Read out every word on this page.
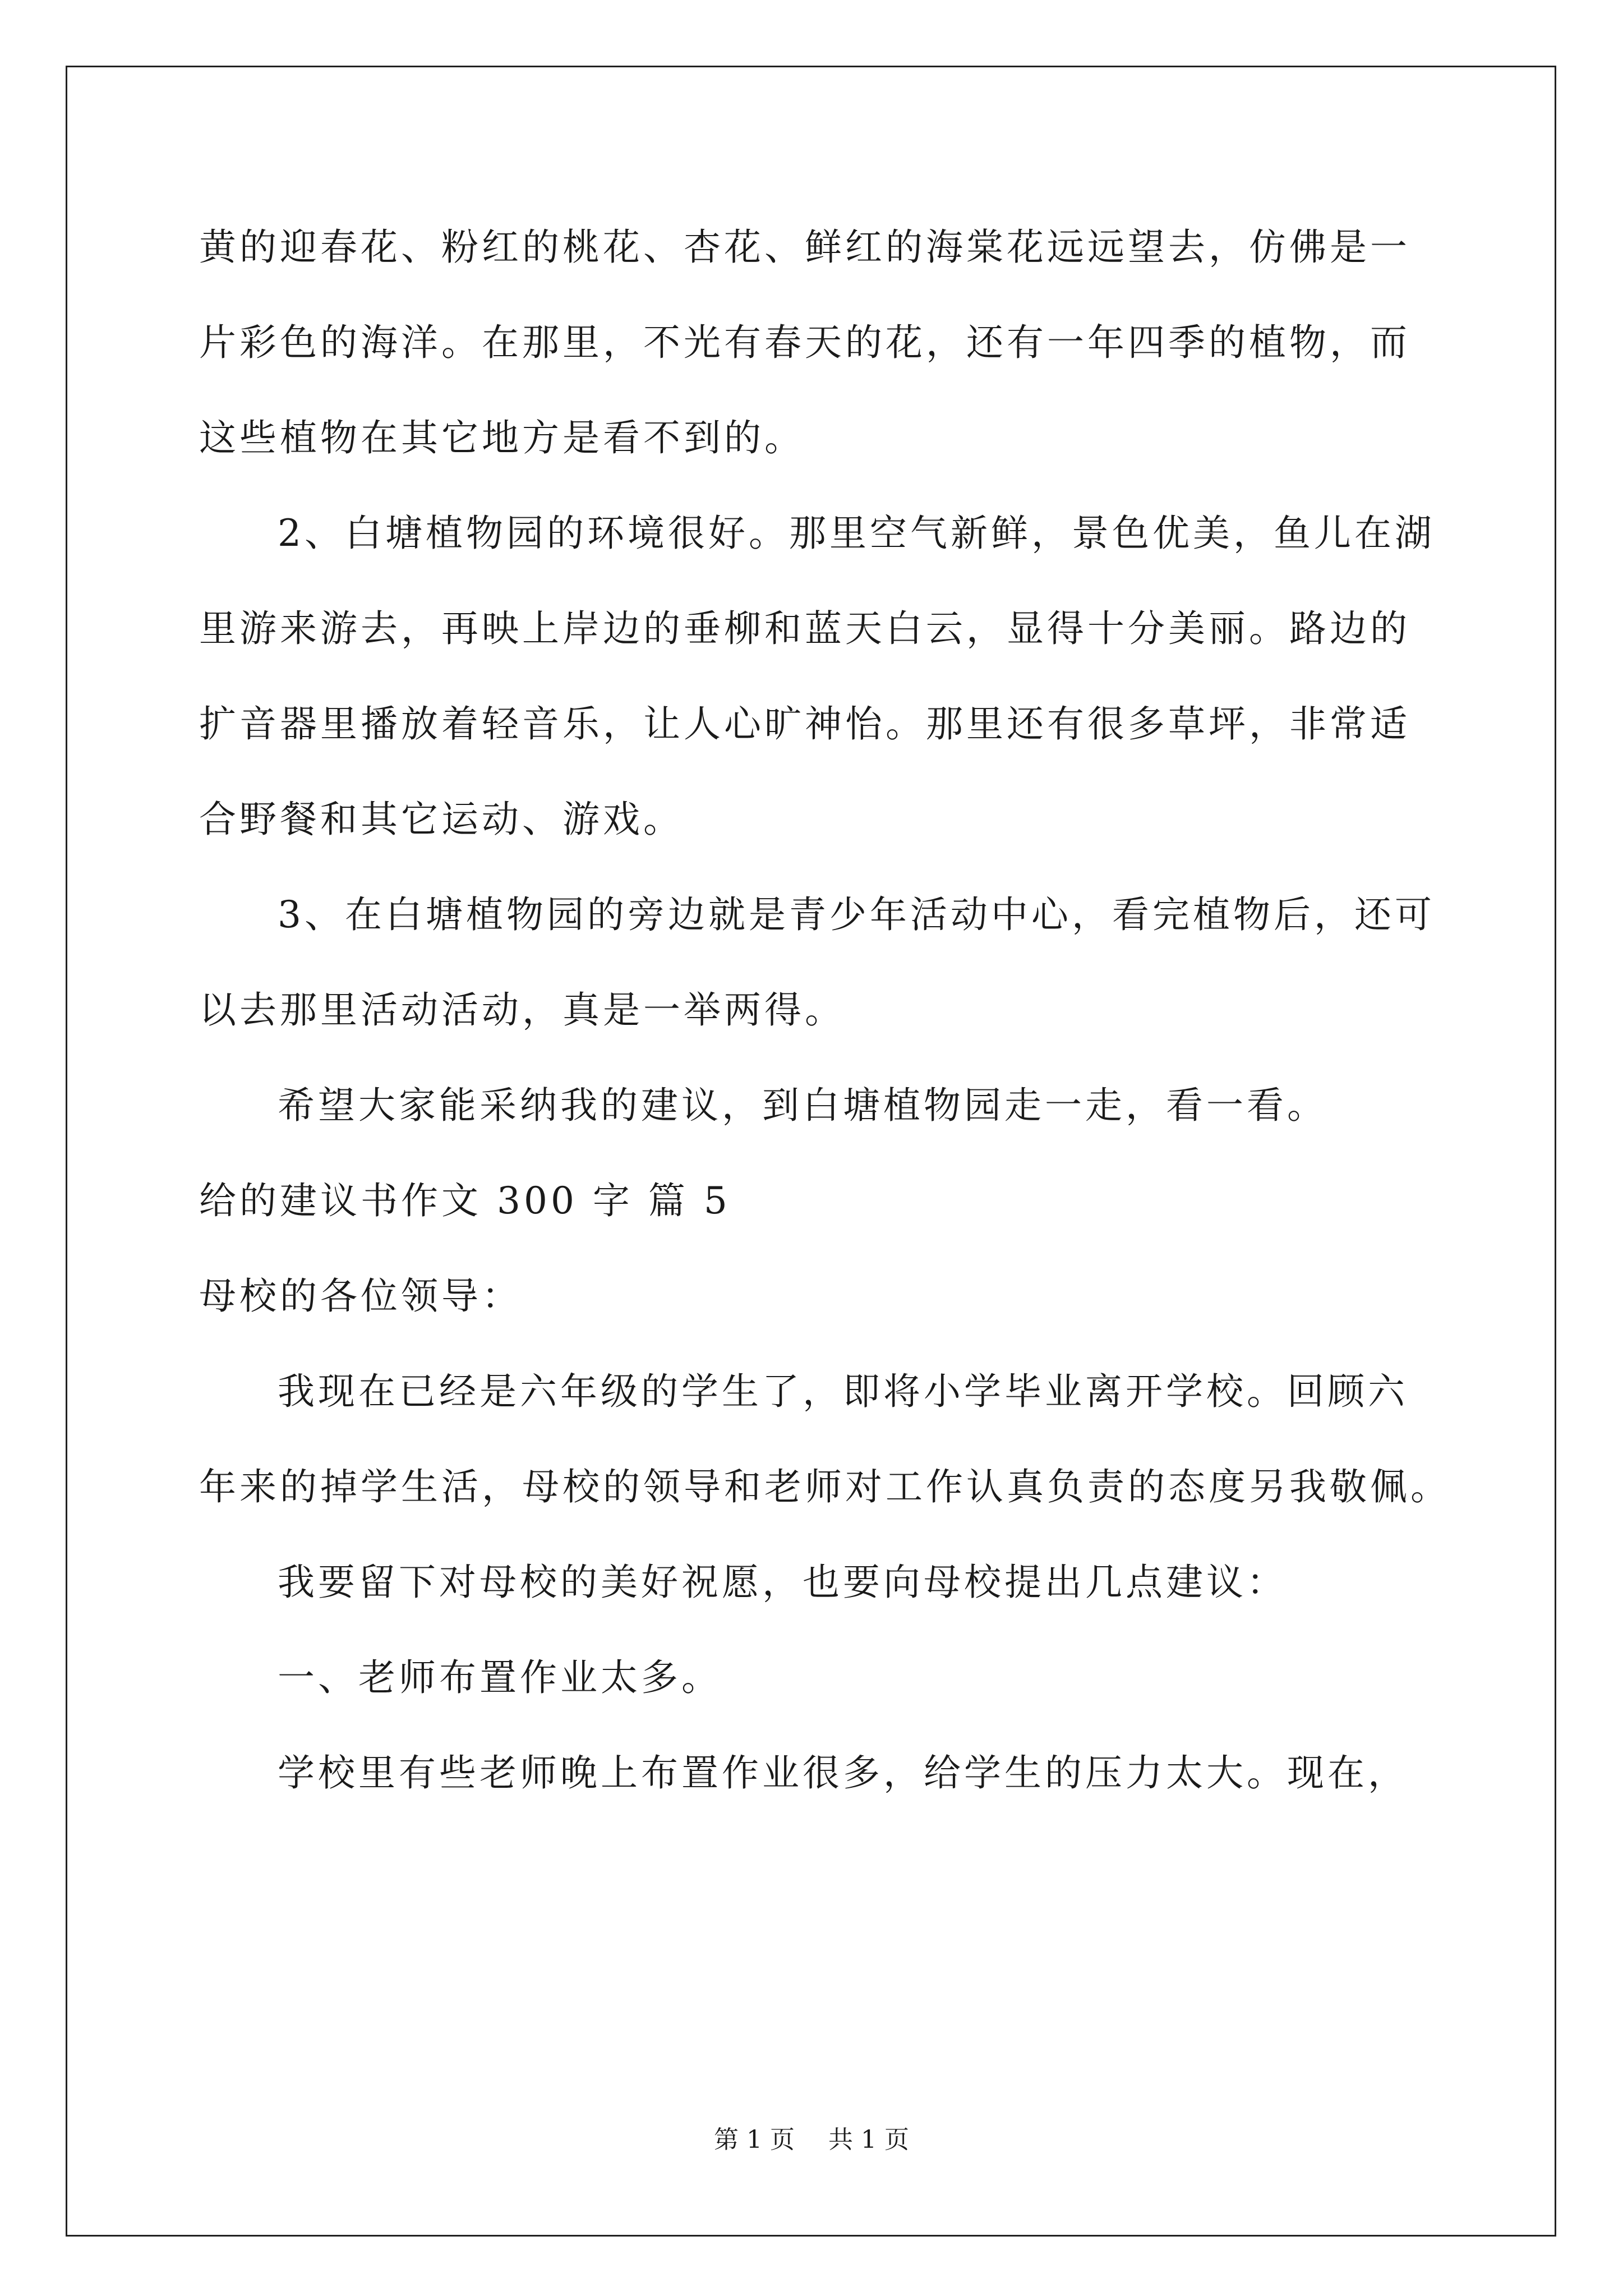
黄的迎春花、粉红的桃花、杏花、鲜红的海棠花远远望去，仿佛是一
片彩色的海洋。在那里，不光有春天的花，还有一年四季的植物，而
这些植物在其它地方是看不到的。
2、白塘植物园的环境很好。那里空气新鲜，景色优美，鱼儿在湖
里游来游去，再映上岸边的垂柳和蓝天白云，显得十分美丽。路边的
扩音器里播放着轻音乐，让人心旷神怡。那里还有很多草坪，非常适
合野餐和其它运动、游戏。
3、在白塘植物园的旁边就是青少年活动中心，看完植物后，还可
以去那里活动活动，真是一举两得。
希望大家能采纳我的建议，到白塘植物园走一走，看一看。
给的建议书作文 300 字 篇 5
母校的各位领导：
我现在已经是六年级的学生了，即将小学毕业离开学校。回顾六
年来的掉学生活，母校的领导和老师对工作认真负责的态度另我敬佩。
我要留下对母校的美好祝愿，也要向母校提出几点建议：
一、老师布置作业太多。
学校里有些老师晚上布置作业很多，给学生的压力太大。现在，
第 1 页 共 1 页
